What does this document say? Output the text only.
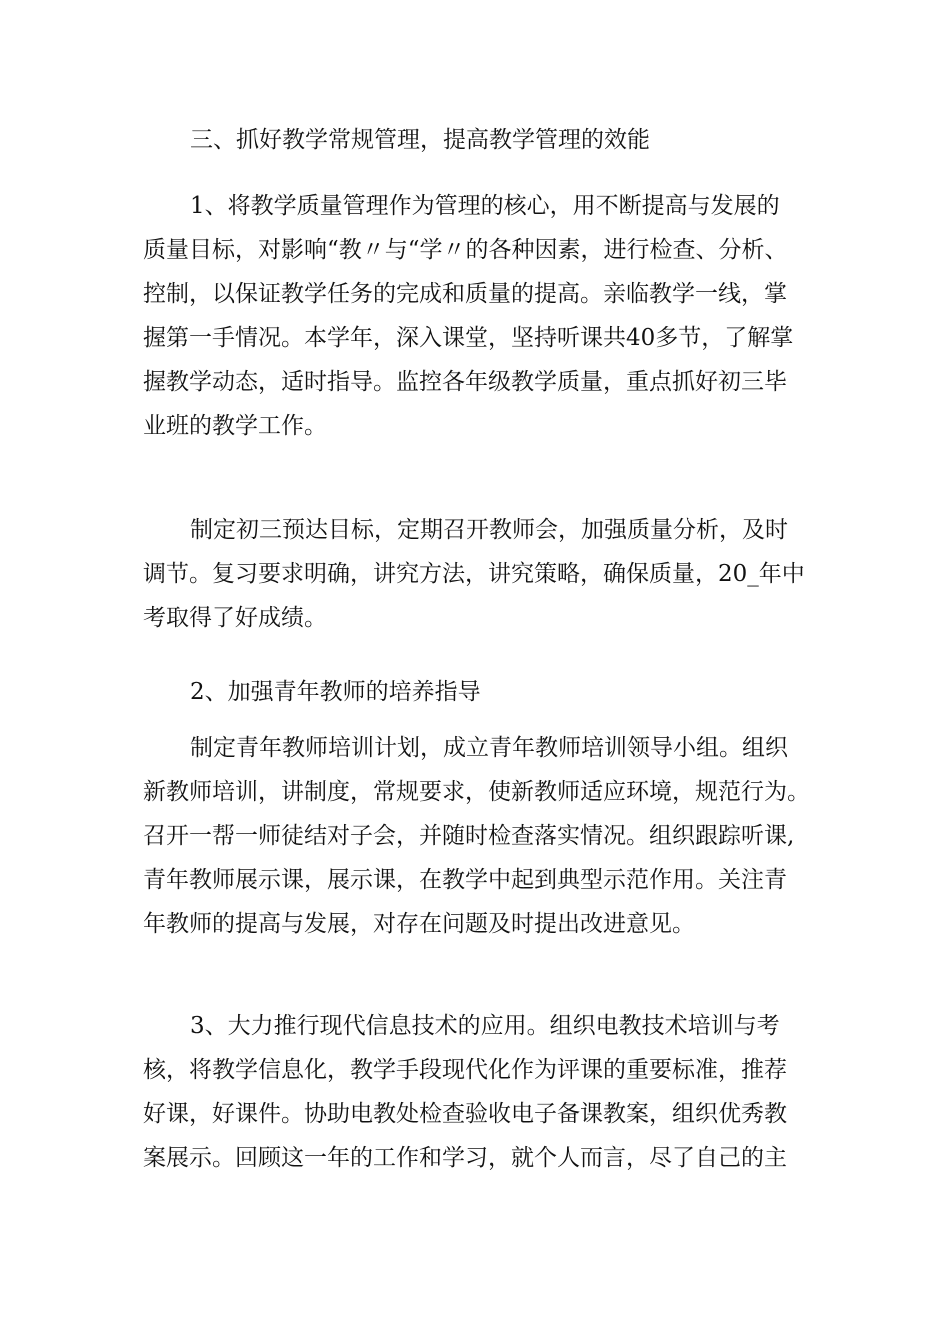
三、抓好教学常规管理，提高教学管理的效能
1、将教学质量管理作为管理的核心，用不断提高与发展的
质量目标，对影响“教〃与“学〃的各种因素，进行检查、分析、
控制，以保证教学任务的完成和质量的提高。亲临教学一线，掌
握第一手情况。本学年，深入课堂，坚持听课共40多节，了解掌
握教学动态，适时指导。监控各年级教学质量，重点抓好初三毕
业班的教学工作。
制定初三预达目标，定期召开教师会，加强质量分析，及时
调节。复习要求明确，讲究方法，讲究策略，确保质量，20_年中
考取得了好成绩。
2、加强青年教师的培养指导
制定青年教师培训计划，成立青年教师培训领导小组。组织
新教师培训，讲制度，常规要求，使新教师适应环境，规范行为。
召开一帮一师徒结对子会，并随时检查落实情况。组织跟踪听课,
青年教师展示课，展示课，在教学中起到典型示范作用。关注青
年教师的提高与发展，对存在问题及时提出改进意见。
3、大力推行现代信息技术的应用。组织电教技术培训与考
核，将教学信息化，教学手段现代化作为评课的重要标准，推荐
好课，好课件。协助电教处检查验收电子备课教案，组织优秀教
案展示。回顾这一年的工作和学习，就个人而言，尽了自己的主
